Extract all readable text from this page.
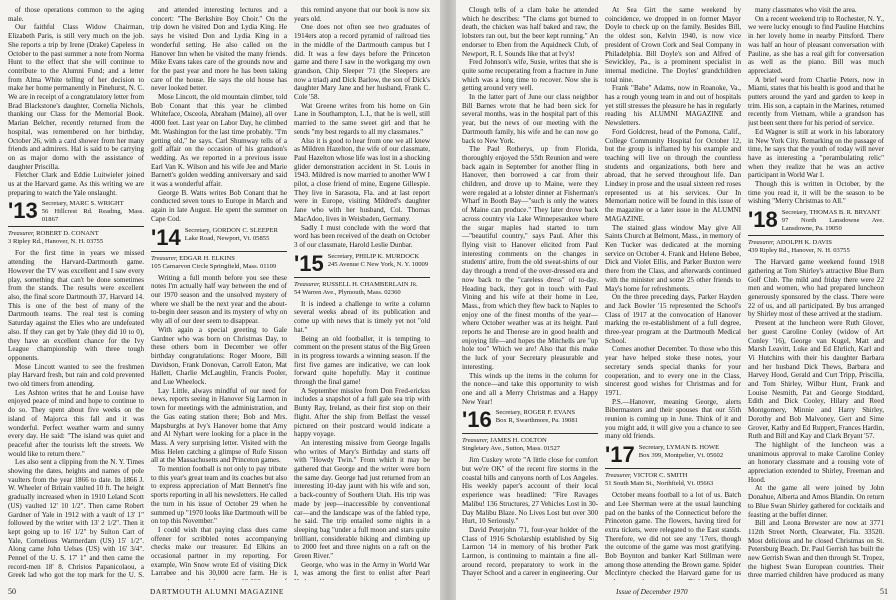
of those operations common to the aging male.

Our faithful Class Widow Chairman, Elizabeth Paris, is still very much on the job. She reports a trip by Irene (Drake) Capeless in October to the past summer a note from Norma Hunt to the effect that she will continue to contribute to the Alumni Fund; and a letter from Alma White telling of her decision to make her home permanently in Pinehurst, N. C. We are in receipt of a congratulatory letter from Brad Blackstone's daughter, Cornelia Nichols, thanking our Class for the Memorial Book. Marian Belcher, recently returned from the hospital, was remembered on her birthday, October 26, with a card shower from her many friends and admirers. Hal is said to be carrying on as major domo with the assistance of daughter Priscilla.

Fletcher Clark and Eddie Luitwieler joined us at the Harvard game. As this writing we are preparing to watch the Yale onslaught.

'13 Secretary, MARC S. WRIGHT
56 Hillcrest Rd. Reading, Mass. 01867
Treasurer, ROBERT D. CONANT
3 Ripley Rd., Hanover, N. H. 03755

For the first time in years we missed attending the Harvard-Dartmouth game. However the TV was excellent and I saw every play, something that can't be done sometimes from the stands. The results were excellent also, the final score Dartmouth 37, Harvard 14. This is one of the best of many of the Dartmouth teams. The real test is coming Saturday against the Elies who are undefeated also. If they can get by Yale (they did 10 to 0), they have an excellent chance for the Ivy League championship with three tough opponents.

Mose Lincott wanted to see the freshmen play Harvard fresh, but rain and cold prevented two old timers from attending.

Les Ashton writes that he and Louise have enjoyed peace of mind and hope to continue to do so. They spent about five weeks on the island of Majorca this fall and it was wonderful. Perfect weather warm and sunny every day. He said: "The island was quiet and peaceful after the tourists left the streets. We would like to return there."

Les also sent a clipping from the N. Y. Times showing the dates, heights and names of pole vaulters from the year 1866 to date. In 1866 J. W. Wheeler of Britain vaulted 10 ft. The height gradually increased when in 1910 Leland Scott (US) vaulted 12' 10 1/2". Then came Robert Gardner of Yale in 1912 with a vault of 13' 1" followed by the writer with 13' 2 1/2". Then it kept going up to 16' 1/2" by Sulton Cart of Yale, Cornelious Warmerdam (US) 15' 1/2". Along came John Uelses (US) with 16' 3/4". Pennel of the U. S. 17' 1" and then came the record-men 18' 8. Christos Papanicolaou, a Greek lad who got the top mark for the U. S.

and attended interesting lectures and a concert: "The Berkshire Boy Choir." On the trip down he visited Don and Lydia King. He says he visited Don and Lydia King in a wonderful setting. He also called on the Hanover Inn when he visited the many friends. Mike Evans takes care of the grounds now and for the past year and more he has been taking care of the house. He says the old house has never looked better.

Mose Lincott, the old mountain climber, told Bob Conant that this year he climbed Whiteface, Osceola, Abraham (Maine), all over 4000 feet. Last year on Labor Day, he climbed Mt. Washington for the last time probably. "I'm getting old," he says. Carl Shumway tells of a golf affair on the occasion of his grandson's wedding. As we reported in a previous issue Earl Van K. Wilson and his wife Jee and Marie Barnett's golden wedding anniversary and said it was a wonderful affair.

George B. Watts writes Bob Conant that he conducted seven tours to Europe in March and again in late August. He spent the summer on Cape Cod.

'14 Secretary, GORDON C. SLEEPER
Lake Road, Newport, Vt. 05855
Treasurer, EDGAR H. ELKINS
105 Carnarvon Circle Springfield, Mass. 01109

Writing a full month before you see these notes I'm actually half way between the end of our 1970 season and the unsolved mystery of where we shall be the next year and the about-to-begin deer season and its mystery of why on why all of our deer seem to disappear.

With again a special greeting to Gale Gardner who was born on Christmas Day, to these others born in December we offer birthday congratulations: Roger Moore, Bill Davidson, Frank Donovan, Carroll Eaton, Mat Hallett, Charlie McLaughlin, Francis Pooler, and Lue Wheelock.

Lay Little, always mindful of our need for news, reports seeing in Hanover Sig Larmon in town for meetings with the administration, and the Gas eating station there; Bob and Mrs. Mapsburghs at Ivy's Hanover home that Amy and Al Nyhart were looking for a place in the Mass. A very surprising letter. Visited with the Miss Helen catching a glimpse of Rufe Sisson all at the Massachusetts and Princeton games.

To mention football is not only to pay tribute to this year's great team and its coaches but also to express appreciation of Matt Bennett's fine sports reporting in all his newsletters. He called the turn in his issue of October 29 when he summed up "1970 looks like Dartmouth will be on top this November."

I could wish that paying class dues came offener for scribbled notes accompanying checks make our treasurer. Ed Elkins an occasional partner in my reporting. For example, Win Snow wrote Ed of visiting Dick Larrabee and his 30,000 acre farm. He is

this remind anyone that our book is now six years old.

One does not often see two graduates of 1914ers atop a record pyramid of railroad ties in the middle of the Dartmouth campus but I did. It was a few days before the Princeton game and there I saw in the workgang my own grandson, Chip Sleeper '71 (the Sleepers are now a triad) and Dick Barlow, the son of Dick's daughter Mary Jane and her husband, Frank C. Cole '58.

Wat Greene writes from his home on Gin Lane in Southampton, L.I., that he is well, still married to the same sweet girl and that he sends "my best regards to all my classmates."

Also it is good to hear from one we all knew as Mildren Hazelton, the wife of our classmate, Paul Hazelton whose life was lost in a shocking glider demonstration accident in St. Louis in 1943. Mildred is now married to another WW I pilot, a close friend of mine, Eugene Gillespie. They live in Sarasota, Fla. and at last report were in Europe, visiting Mildred's daughter Jane who with her husband, Col. Thomas MacAdoo, lives in Weisbaden, Germany.

Sadly I must conclude with the word that word has been received of the death on October 3 of our classmate, Harold Leslie Dunbar.

'15 Secretary, PHILIP K. MURDOCK
245 Avenue C New York, N. Y. 10009
Treasurer, RUSSELL H. CHAMBERLAIN Jr.
54 Warren Ave., Plymouth, Mass. 02360

It is indeed a challenge to write a column several weeks ahead of its publication and come up with news that is timely yet not "old hat."

Being an old footballer, it is tempting to comment on the present status of the Big Green in its progress towards a winning season. If the first five games are indicative, we can look forward quite hopefully. May it continue through the final game!

A September missive from Don Fred-erickss includes a snapshot of a full gale sea trip with Bunty Ray, Ireland, as their first stop on their flight. After the ship from Belfast the vessel pictured on their postcard would indicate a happy voyage.

An interesting missive from George Ingalls who writes of Mary's Birthday and starts off with "Howdy Twin." From which it may be gathered that George and the writer were born the same day. George had just returned from an interesting 10-day jaunt with his wife and son, a back-country of Southern Utah. His trip was made by jeep—inaccessible by conventional car—and the landscape was of the fabled type, he said. The trip entailed some nights in a sleeping bag "under a full moon and stars quite brilliant, considerable hiking and climbing up to 2000 feet and three nights on a raft on the Green River."

George, who was in the Army in World War I, was among the first to enlist after Pearl

50	DARTMOUTH ALUMNI MAGAZINE

Clough tells of a clam bake he attended which he describes: "The clams got burned to death, the chicken was half baked and raw, the lobsters ran out, but the beer kept running." An endorser to Eben from the Aquidneck Club, of Newport, R. I. Sounds like that at Ivy's!

Fred Johnson's wife, Susie, writes that she is quite some recuperating from a fracture in June which was a long time to recover. Now she is getting around very well.

In the latter part of June our class neighbor Bill Barnes wrote that he had been sick for several months, was in the hospital part of this year, but the news of our meeting with the Dartmouth family, his wife and he can now go back to New York.

The Paul Rotherys, up from Florida, thoroughly enjoyed the 55th Reunion and were back again in September for another fling in Hanover, then borrowed a car from their children, and drove up to Maine, were they were regaled at a lobster dinner at Fisherman's Wharf in Booth Bay—"such is only the waters of Maine can produce." They later drove back across country via Lake Winnepesaukee where the sugar maples had started to turn—"beautiful country," says Paul. After this flying visit to Hanover elicited from Paul interesting comments on the changes in students' attire, from the old sweat-shirts of our day through a trend of the over-dressed era and now back to the "careless dress" of to-day. Heading back, they got in touch with Paul Vining and his wife at their home in Lee, Mass., from which they flew back to Naples to enjoy one of the finest months of the year—where October weather was at its height. Paul reports he and Therese are in good health and enjoying life—and hopes the Mitchells are "up hole too" Which we are! Also that this make the luck of your Secretary pleasurable and interesting.

This winds up the items in the column for the nonce—and take this opportunity to wish one and all a Merry Christmas and a Happy New Year!

'16 Secretary, ROGER F. EVANS
Box R, Swarthmore, Pa. 19081
Treasurer, JAMES H. COLTON
Singletary Ave., Sutton, Mass. 01527

Jim Cuskey wrote "A little close for comfort but we're OK" of the recent fire storms in the coastal hills and canyons north of Los Angeles. His weekly paper's account of their local experience was headlined: "Fire Ravages Malibu! 136 Structures, 27 Vehicles Lost in 30-Day Malibu Blaze. No Lives Lost but over 300 Hurt, 10 Seriously."

David Peterjohn '71, four-year holder of the Class of 1916 Scholarship established by Sig Larmon '14 in memory of his brother Park Larmon, is continuing to maintain a fine all-around record, preparatory to work in the Thayer School and a career in engineering. Our

At Sea Girt the same weekend by coincidence, we dropped in on former Mayor Doyle to check up on the family. Besides Bill, the oldest son, Kelvin 1940, is now vice president of Crown Cork and Seal Company in Philadelphia. Bill Doyle's son and Alfred of Sewickley, Pa., is a prominent specialist in internal medicine. The Doyles' grandchildren total nine.

Frank "Babe" Adams, now in Roanoke, Va., has a rough young team in and out of hospitals yet still stresses the pleasure he has in regularly reading his ALUMNI MAGAZINE and Newsletters.

Ford Goldcrest, head of the Pomona, Calif., College Community Hospital for October 12, but the group is inflamed by his example and teaching will live on through the countless students and organizations, both here and abroad, that he served throughout life. Dan Lindsey in prose and the usual sixteen red roses represented us at his services. Our In Memoriam notice will be found in this issue of the magazine or a later issue in the ALUMNI MAGAZINE.

The stained glass window May give All Saints Church at Belmont, Mass., in memory of Ken Tucker was dedicated at the morning service on October 4. Frank and Helene Bebee, Dick and Violet Ellis, and Parker Buxton were there from the Class, and afterwards continued with the minister and some 25 other friends to May's home for refreshments.

On the three preceding days, Parker Hayden and Jack Bowler '15 represented the School's Class of 1917 at the convocation of Hanover marking the re-establishment of a full degree, three-year program at the Dartmouth Medical School.

Comes another December. To those who this year have helped stoke these notes, your secretary sends special thanks for your cooperation, and to every one in the Class, sincerest good wishes for Christmas and for 1971.

P.S.—Hanover, meaning George, alerts Bibermasters and their spouses that our 55th reunion is coming up in June. Think of it and you might add, it will give you a chance to see many old friends.

'17 Secretary, LYMAN B. HOWE
Box 399, Montpelier, Vt. 05602
Treasurer, VICTOR C. SMITH
51 South Main St., Northfield, Vt. 05663

October means football to a lot of us. Batch and Lee Sherman were at the usual launching pad on the banks of the Connecticut before the Princeton game. The flowers, having tired for extra tickets, were relegated to the East stands. Therefore, we did not see any '17ers, though the outcome of the game was most gratifying. Bob Boynton and banker Karl Stillman were among those attending the Brown game. Spider Mcclintyre checked the Harvard game for us

many classmates who visit the area.

On a recent weekend trip to Rochester, N. Y., we were lucky enough to find Pauline Hutchins in her lovely home in nearby Pittsford. There was half an hour of pleasant conversation with Pauline, as she has a real gift for conversation as well as the piano. Bill was much appreciated.

A brief word from Charlie Peters, now in Miami, states that his health is good and that he putters around the yard and garden to keep in trim. His son, a captain in the Marines, returned recently from Vietnam, while a grandson has just been sent there for his period of service.

Ed Wagner is still at work in his laboratory in New York City. Remarking on the passage of time, he says that the youth of today will never have as interesting a "perambulating relic" when they realize that he was an active participant in World War I.

Though this is written in October, by the time you read it, it will be the season to be wishing "Merry Christmas to All."

'18 Secretary, THOMAS B. R. BRYANT
97 North Lansdowne Ave. Lansdowne, Pa. 19050
Treasurer, ADOLPH K. DAVIS
439 Ripley Rd., Hanover, N. H. 03755

The Harvard game weekend found 1918 gathering at Tom Shirley's attractive Blue Burn Golf Club. The mild and friday there were 22 men and women, who had prepared luncheon generously sponsored by the class. There were 22 of us, and all participated. By bus arranged by Shirley most of these arrived at the stadium.

Present at the luncheon were Ruth Glover, her guest Caroline Conley (widow of Art Conley '16), George van Kugel, Matt and Marsh Leavitt, Luke and Ed Ehrlich, Karl and Vi Hutchins with their his daughter Barbara and her husband Dick Thews, Barbara and Harvey Hood, Gerald and Curt Tripp, Priscilla, and Tom Shirley, Wilbur Hunt, Frank and Louise Nesmith, Pat and George Stoddard, Edith and Dick Cooley, Hilary and Reed Montgomery, Minnie and Harry Shirley, Dorothy and Bob Malvoney, Gert and Sime Grover, Kathy and Ed Ruppert, Frances Hardin, Ruth and Bill and Kay and Clark Bryant '57.

The highlight of the luncheon was a unanimous approval to make Caroline Conley an honorary classmate and a rousing vote of appreciation extended to Shirley, Freeman and Hood.

At the game all were joined by John Donahue, Alberta and Amos Blandin. On return to Blue Swan Shirley gathered for cocktails and feasting at the buffet dinner.

Bill and Leona Brewster are now at 3771 112th Street North, Clearwater, Fla. 33520. Most delicious and he closed Christmas on St. Petersburg Beach. Dr. Paul Gerrish has built the new Gerrish Swan and then through St. Tropez, the highest Swan European countries. Their three married children have produced as many

Issue of December 1970	51
